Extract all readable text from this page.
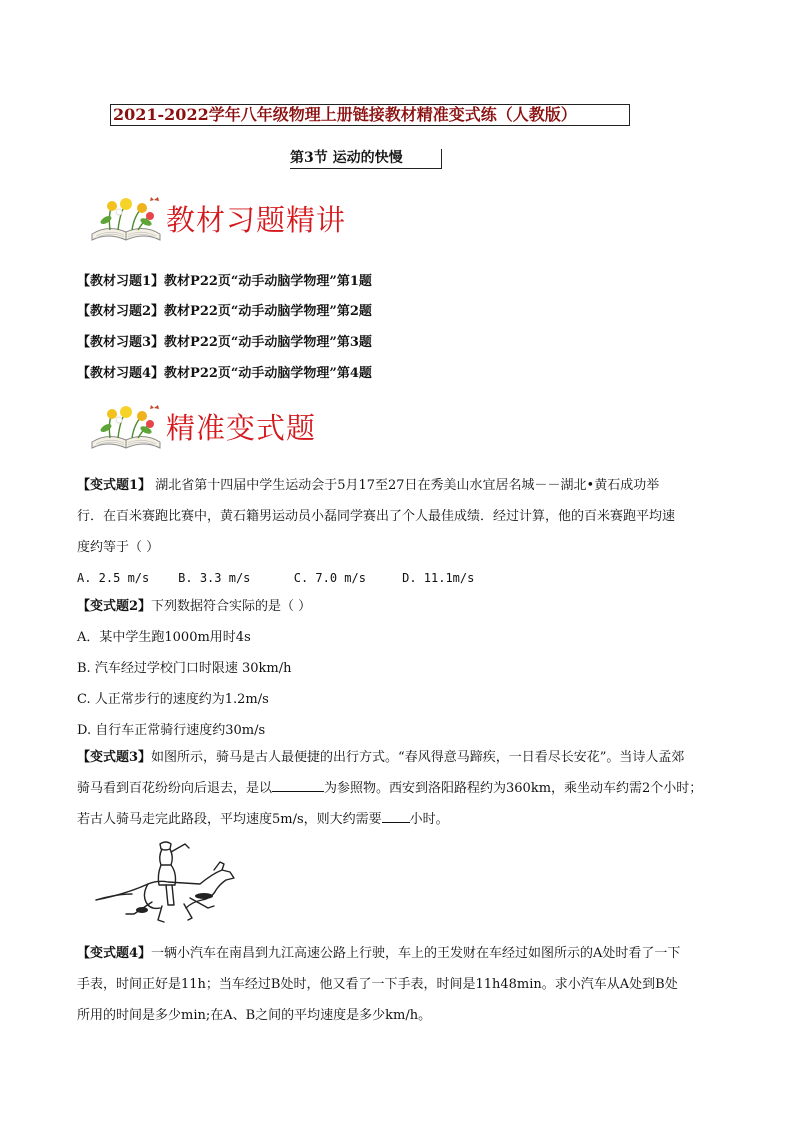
2021-2022学年八年级物理上册链接教材精准变式练（人教版）
第3节 运动的快慢
教材习题精讲
【教材习题1】教材P22页“动手动脑学物理”第1题
【教材习题2】教材P22页“动手动脑学物理”第2题
【教材习题3】教材P22页“动手动脑学物理”第3题
【教材习题4】教材P22页“动手动脑学物理”第4题
精准变式题
【变式题1】 湖北省第十四届中学生运动会于5月17至27日在秀美山水宜居名城－－湖北•黄石成功举
行．在百米赛跑比赛中，黄石籍男运动员小磊同学赛出了个人最佳成绩．经过计算，他的百米赛跑平均速
度约等于（ ）
A. 2.5 m/s    B. 3.3 m/s      C. 7.0 m/s     D. 11.1m/s
【变式题2】下列数据符合实际的是（ ）
A．某中学生跑1000m用时4s
B. 汽车经过学校门口时限速 30km/h
C. 人正常步行的速度约为1.2m/s
D. 自行车正常骑行速度约30m/s
【变式题3】如图所示，骑马是古人最便捷的出行方式。“春风得意马蹄疾，一日看尽长安花”。当诗人孟郊
骑马看到百花纷纷向后退去，是以	为参照物。西安到洛阳路程约为360km，乘坐动车约需2个小时；
若古人骑马走完此路段，平均速度5m/s，则大约需要 小时。
【变式题4】一辆小汽车在南昌到九江高速公路上行驶，车上的王发财在车经过如图所示的A处时看了一下
手表，时间正好是11h；当车经过B处时，他又看了一下手表，时间是11h48min。求小汽车从A处到B处
所用的时间是多少min;在A、B之间的平均速度是多少km/h。
